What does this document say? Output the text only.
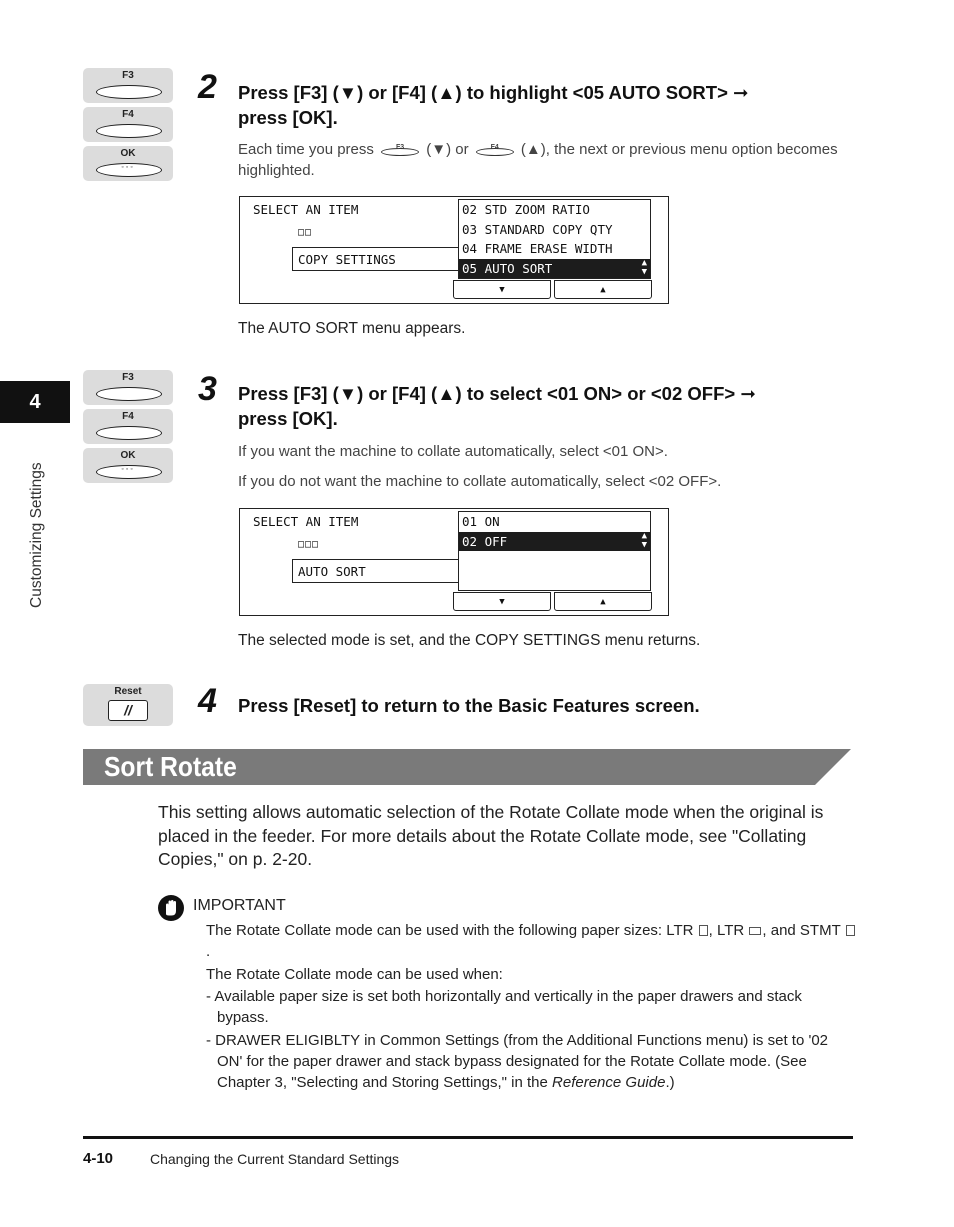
4
Customizing Settings
F3
F4
OK
◦◦◦
2 Press [F3] (▼) or [F4] (▲) to highlight <05 AUTO SORT> ➞
press [OK].
Each time you press	F3	(▼) or	F4	(▲), the next or previous menu option becomes highlighted.
SELECT AN ITEM
□□
COPY SETTINGS
02 STD ZOOM RATIO
03 STANDARD COPY QTY
04 FRAME ERASE WIDTH
05 AUTO SORT	▲
▼
▼	▲
The AUTO SORT menu appears.
F3
F4
OK
◦◦◦
3 Press [F3] (▼) or [F4] (▲) to select <01 ON> or <02 OFF> ➞
press [OK].
If you want the machine to collate automatically, select <01 ON>.
If you do not want the machine to collate automatically, select <02 OFF>.
SELECT AN ITEM
□□□
AUTO SORT
01 ON
02 OFF	▲
▼
▼	▲
The selected mode is set, and the COPY SETTINGS menu returns.
Reset
//	4 Press [Reset] to return to the Basic Features screen.
Sort Rotate
This setting allows automatic selection of the Rotate Collate mode when the original is placed in the feeder. For more details about the Rotate Collate mode, see "Collating Copies," on p. 2-20.
IMPORTANT

The Rotate Collate mode can be used with the following paper sizes: LTR , LTR , and STMT .

The Rotate Collate mode can be used when:

- Available paper size is set both horizontally and vertically in the paper drawers and stack bypass.

- DRAWER ELIGIBLTY in Common Settings (from the Additional Functions menu) is set to '02 ON' for the paper drawer and stack bypass designated for the Rotate Collate mode. (See Chapter 3, "Selecting and Storing Settings," in the Reference Guide.)

4-10	Changing the Current Standard Settings
